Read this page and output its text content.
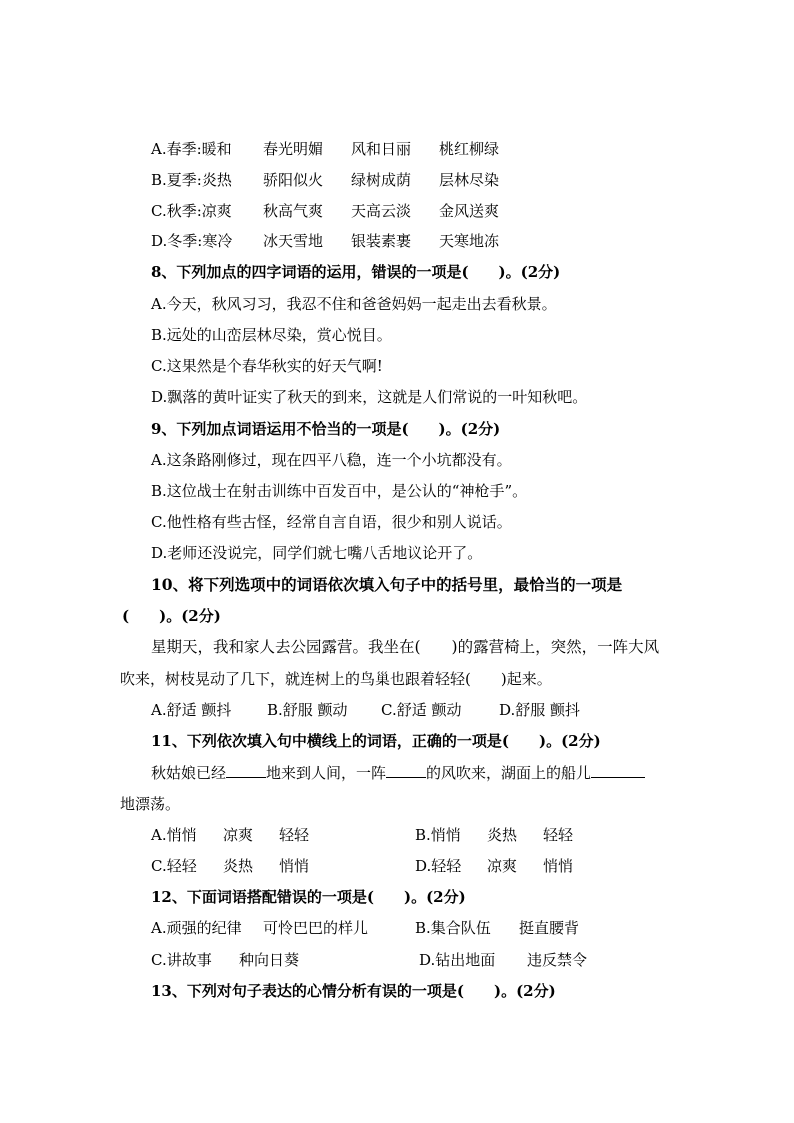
A.春季:暖和 春光明媚 风和日丽 桃红柳绿
B.夏季:炎热 骄阳似火 绿树成荫 层林尽染
C.秋季:凉爽 秋高气爽 天高云淡 金风送爽
D.冬季:寒冷 冰天雪地 银装素裹 天寒地冻
8、下列加点的四字词语的运用，错误的一项是(　　)。(2分)
A.今天，秋风习习，我忍不住和爸爸妈妈一起走出去看秋景。
B.远处的山峦层林尽染，赏心悦目。
C.这果然是个春华秋实的好天气啊!
D.飘落的黄叶证实了秋天的到来，这就是人们常说的一叶知秋吧。
9、下列加点词语运用不恰当的一项是(　　)。(2分)
A.这条路刚修过，现在四平八稳，连一个小坑都没有。
B.这位战士在射击训练中百发百中，是公认的“神枪手”。
C.他性格有些古怪，经常自言自语，很少和别人说话。
D.老师还没说完，同学们就七嘴八舌地议论开了。
10、将下列选项中的词语依次填入句子中的括号里，最恰当的一项是
(　　)。(2分)
星期天，我和家人去公园露营。我坐在(　　)的露营椅上，突然，一阵大风
吹来，树枝晃动了几下，就连树上的鸟巢也跟着轻轻(　　)起来。
A.舒适 颤抖 B.舒服 颤动 C.舒适 颤动	D.舒服 颤抖
11、下列依次填入句中横线上的词语，正确的一项是(　　)。(2分)
秋姑娘已经	地来到人间，一阵	的风吹来，湖面上的船儿
地漂荡。
A.悄悄 凉爽 轻轻	B.悄悄 炎热 轻轻
C.轻轻 炎热 悄悄	D.轻轻 凉爽 悄悄
12、下面词语搭配错误的一项是(　　)。(2分)
A.顽强的纪律 可怜巴巴的样儿	B.集合队伍 挺直腰背
C.讲故事 种向日葵	D.钻出地面 违反禁令
13、下列对句子表达的心情分析有误的一项是(　　)。(2分)
